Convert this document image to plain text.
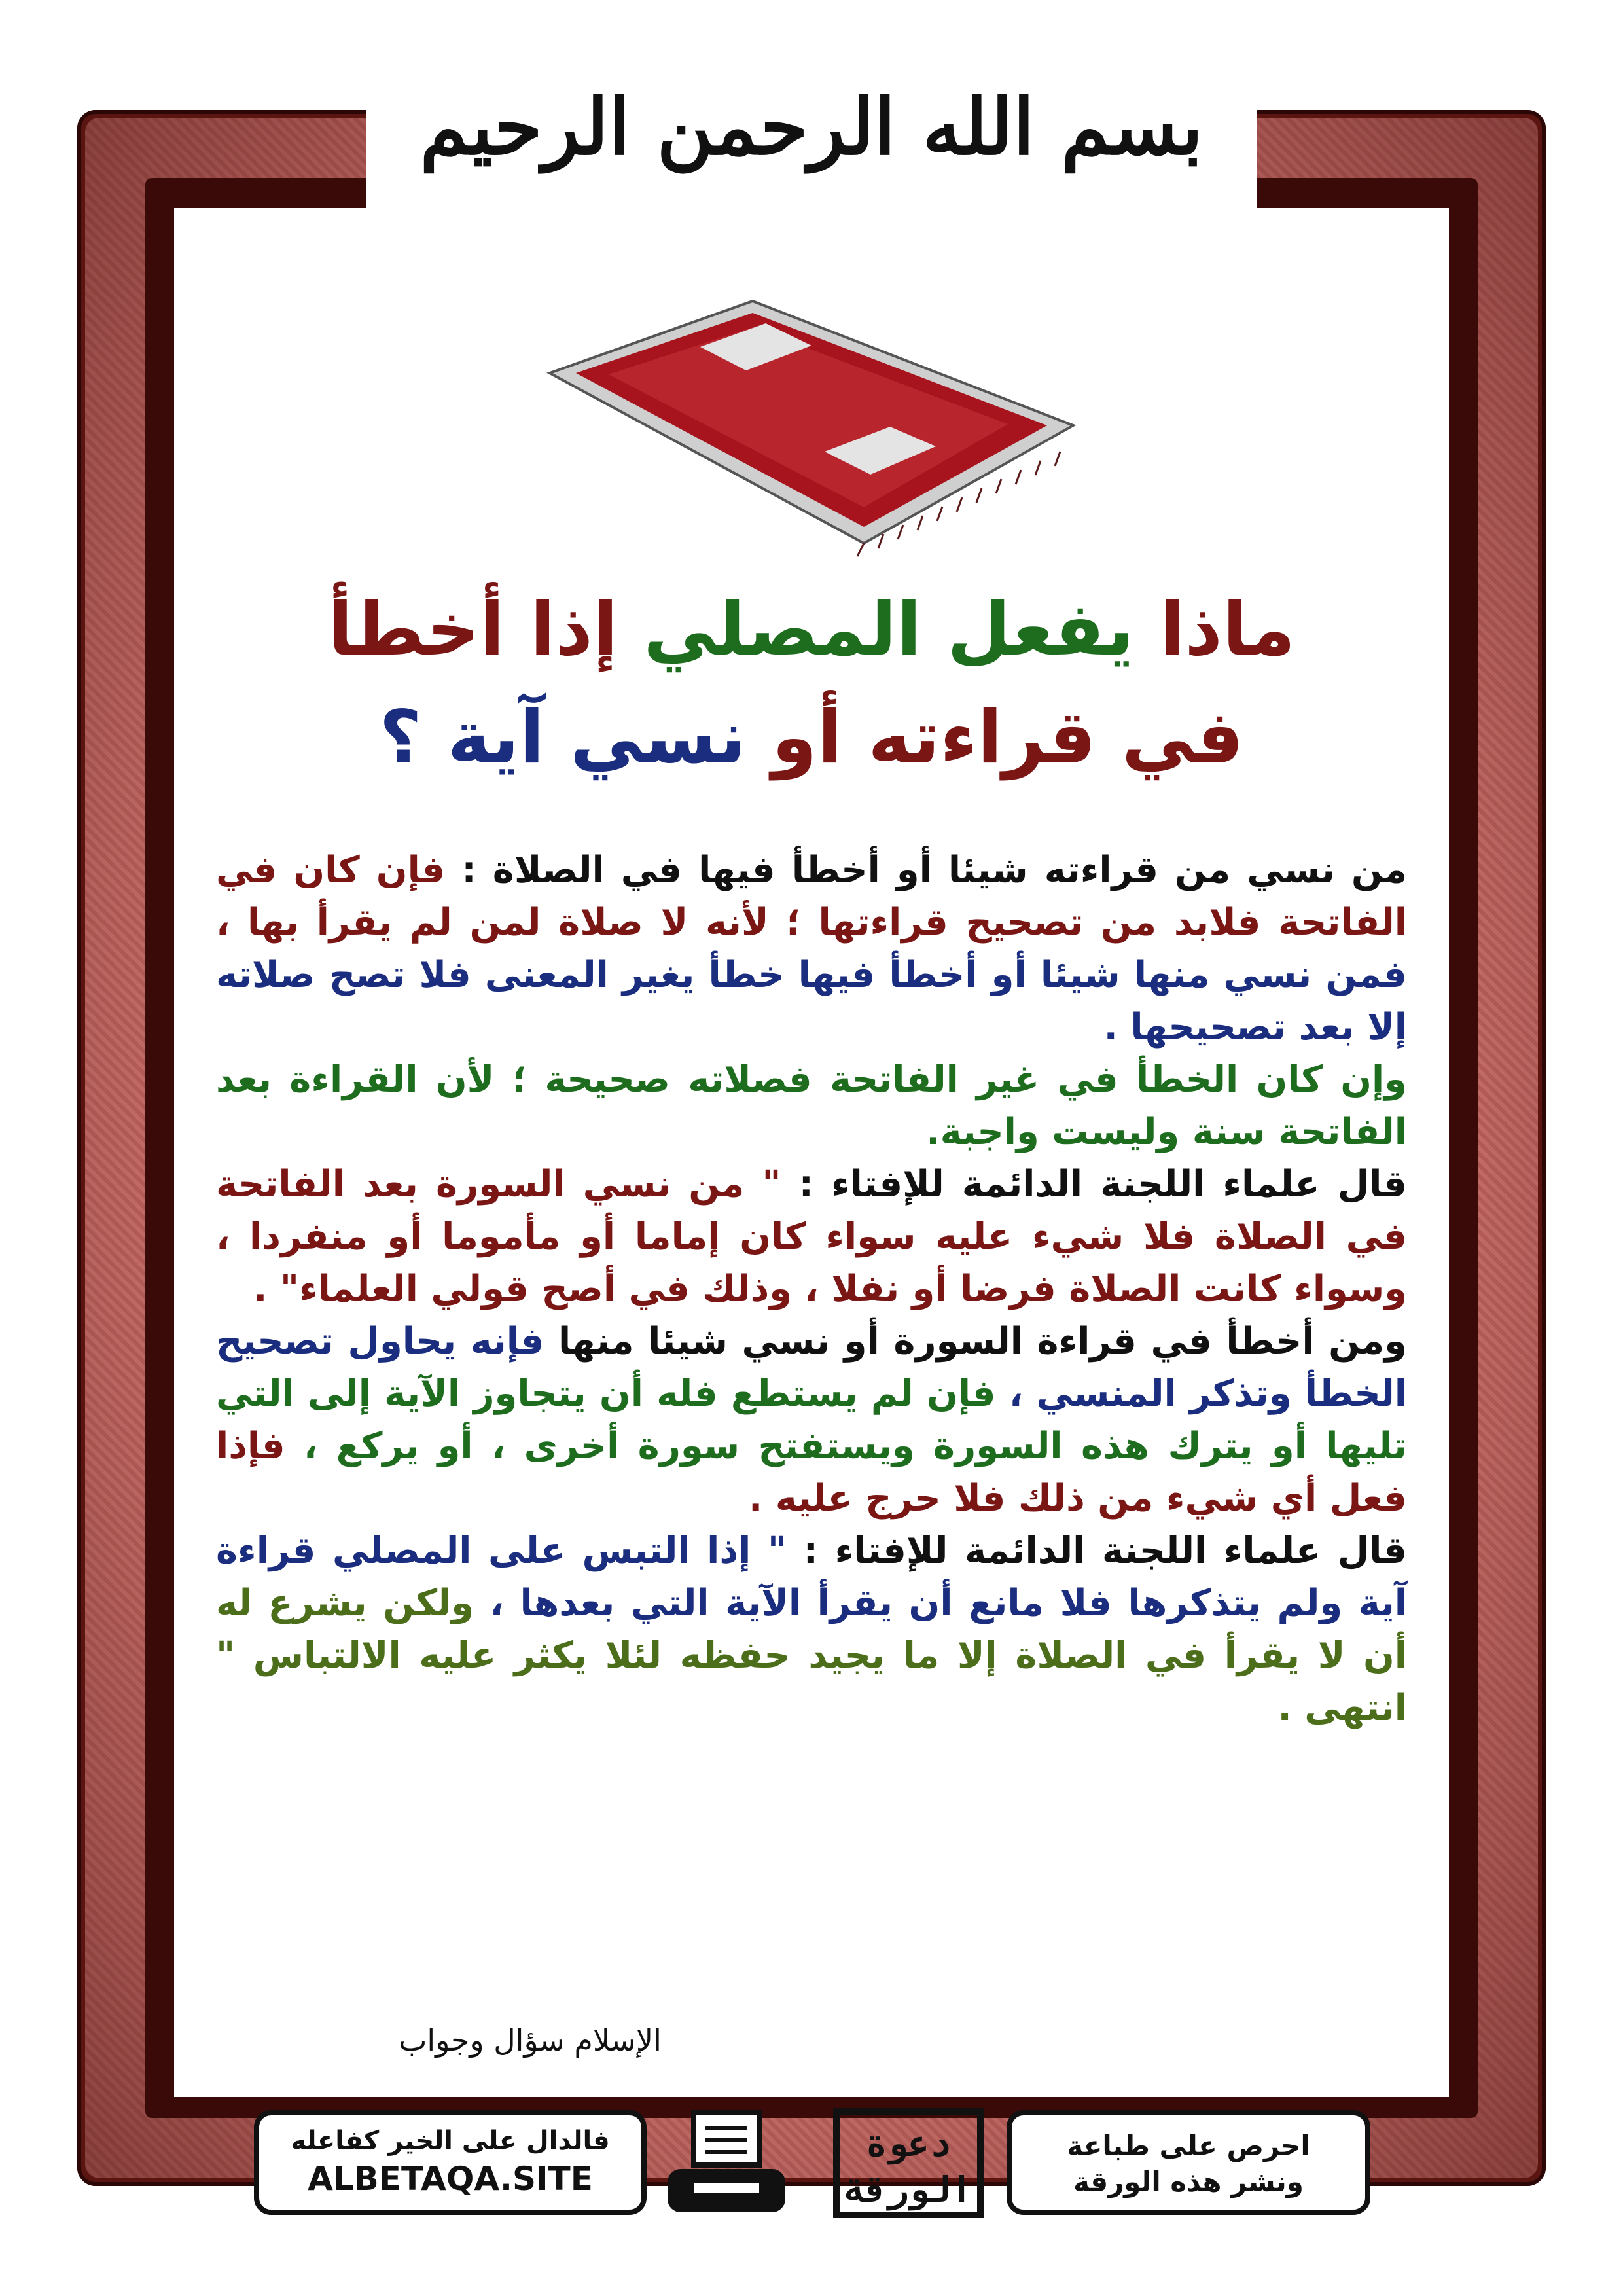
بسم الله الرحمن الرحيم
ماذا يفعل المصلي إذا أخطأ
في قراءته أو نسي آية ؟

من نسي من قراءته شيئا أو أخطأ فيها في الصلاة : فإن كان في الفاتحة فلابد من تصحيح قراءتها ؛ لأنه لا صلاة لمن لم يقرأ بها ، فمن نسي منها شيئا أو أخطأ فيها خطأ يغير المعنى فلا تصح صلاته إلا بعد تصحيحها .

وإن كان الخطأ في غير الفاتحة فصلاته صحيحة ؛ لأن القراءة بعد الفاتحة سنة وليست واجبة.

قال علماء اللجنة الدائمة للإفتاء : " من نسي السورة بعد الفاتحة في الصلاة فلا شيء عليه سواء كان إماما أو مأموما أو منفردا ، وسواء كانت الصلاة فرضا أو نفلا ، وذلك في أصح قولي العلماء" .

ومن أخطأ في قراءة السورة أو نسي شيئا منها فإنه يحاول تصحيح الخطأ وتذكر المنسي ، فإن لم يستطع فله أن يتجاوز الآية إلى التي تليها أو يترك هذه السورة ويستفتح سورة أخرى ، أو يركع ، فإذا فعل أي شيء من ذلك فلا حرج عليه .

قال علماء اللجنة الدائمة للإفتاء : " إذا التبس على المصلي قراءة آية ولم يتذكرها فلا مانع أن يقرأ الآية التي بعدها ، ولكن يشرع له أن لا يقرأ في الصلاة إلا ما يجيد حفظه لئلا يكثر عليه الالتباس " انتهى .

الإسلام سؤال وجواب
فالدال على الخير كفاعله
ALBETAQA.SITE
دعوة
الورقة
احرص على طباعة
ونشر هذه الورقة
